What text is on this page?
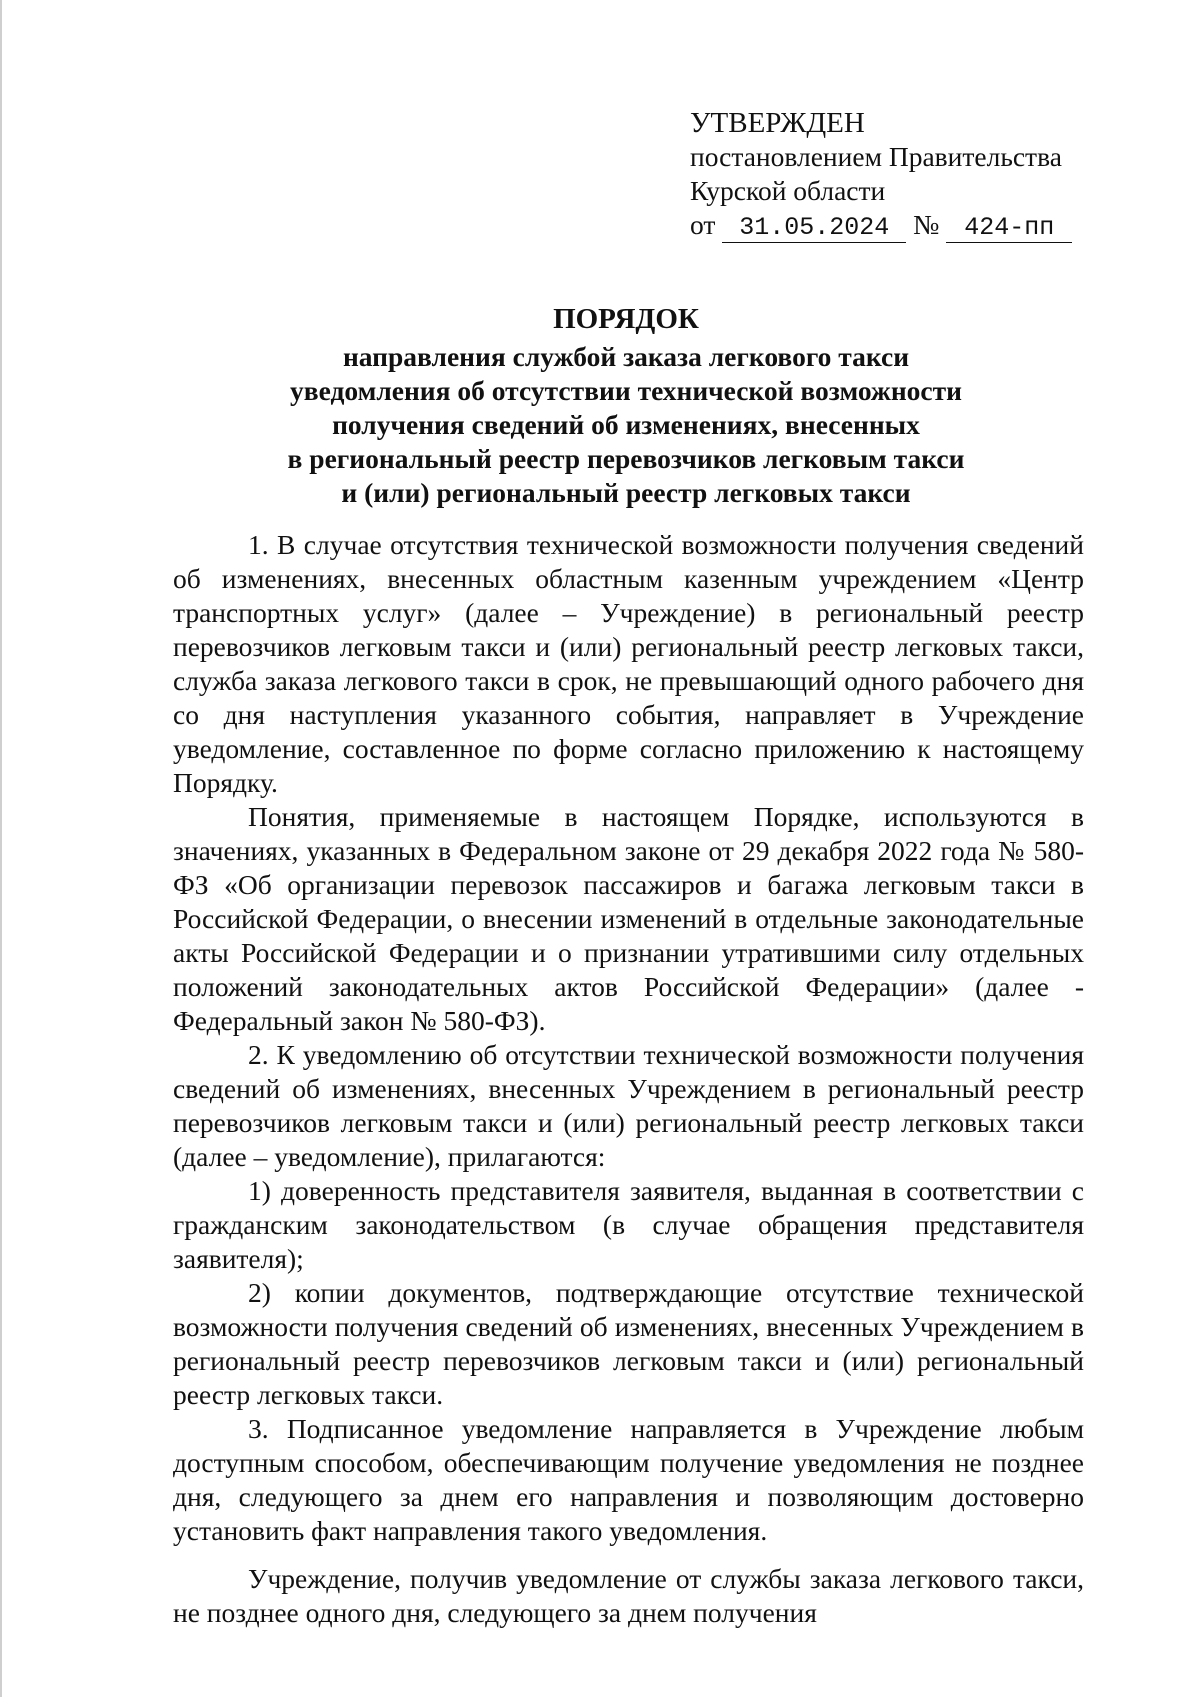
УТВЕРЖДЕН
постановлением Правительства
Курской области
от 31.05.2024 № 424-пп
ПОРЯДОК
направления службой заказа легкового такси
уведомления об отсутствии технической возможности
получения сведений об изменениях, внесенных
в региональный реестр перевозчиков легковым такси
и (или) региональный реестр легковых такси

1. В случае отсутствия технической возможности получения сведений об изменениях, внесенных областным казенным учреждением «Центр транспортных услуг» (далее – Учреждение) в региональный реестр перевозчиков легковым такси и (или) региональный реестр легковых такси, служба заказа легкового такси в срок, не превышающий одного рабочего дня со дня наступления указанного события, направляет в Учреждение уведомление, составленное по форме согласно приложению к настоящему Порядку.

Понятия, применяемые в настоящем Порядке, используются в значениях, указанных в Федеральном законе от 29 декабря 2022 года № 580-ФЗ «Об организации перевозок пассажиров и багажа легковым такси в Российской Федерации, о внесении изменений в отдельные законодательные акты Российской Федерации и о признании утратившими силу отдельных положений законодательных актов Российской Федерации» (далее - Федеральный закон № 580-ФЗ).

2. К уведомлению об отсутствии технической возможности получения сведений об изменениях, внесенных Учреждением в региональный реестр перевозчиков легковым такси и (или) региональный реестр легковых такси (далее – уведомление), прилагаются:

1) доверенность представителя заявителя, выданная в соответствии с гражданским законодательством (в случае обращения представителя заявителя);

2) копии документов, подтверждающие отсутствие технической возможности получения сведений об изменениях, внесенных Учреждением в региональный реестр перевозчиков легковым такси и (или) региональный реестр легковых такси.

3. Подписанное уведомление направляется в Учреждение любым доступным способом, обеспечивающим получение уведомления не позднее дня, следующего за днем его направления и позволяющим достоверно установить факт направления такого уведомления.

Учреждение, получив уведомление от службы заказа легкового такси, не позднее одного дня, следующего за днем получения
